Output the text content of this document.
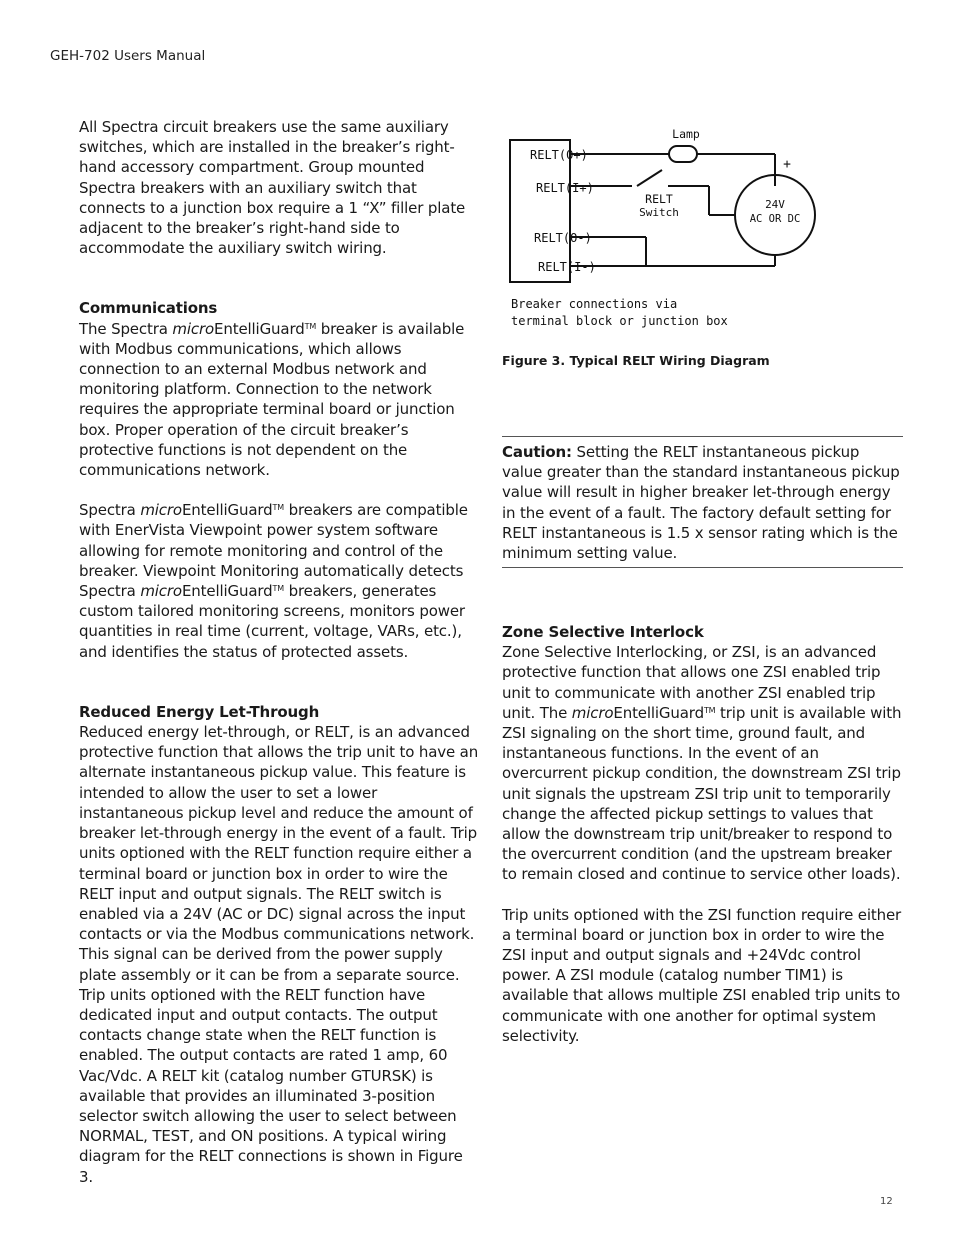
GEH-702 Users Manual

All Spectra circuit breakers use the same auxiliary switches, which are installed in the breaker’s right-hand accessory compartment. Group mounted Spectra breakers with an auxiliary switch that connects to a junction box require a 1 “X” filler plate adjacent to the breaker’s right-hand side to accommodate the auxiliary switch wiring.

Communications

The Spectra microEntelliGuard™ breaker is available with Modbus communications, which allows connection to an external Modbus network and monitoring platform. Connection to the network requires the appropriate terminal board or junction box. Proper operation of the circuit breaker’s protective functions is not dependent on the communications network.

Spectra microEntelliGuard™ breakers are compatible with EnerVista Viewpoint power system software allowing for remote monitoring and control of the breaker. Viewpoint Monitoring automatically detects Spectra microEntelliGuard™ breakers, generates custom tailored monitoring screens, monitors power quantities in real time (current, voltage, VARs, etc.), and identifies the status of protected assets.

Reduced Energy Let-Through

Reduced energy let-through, or RELT, is an advanced protective function that allows the trip unit to have an alternate instantaneous pickup value. This feature is intended to allow the user to set a lower instantaneous pickup level and reduce the amount of breaker let-through energy in the event of a fault. Trip units optioned with the RELT function require either a terminal board or junction box in order to wire the RELT input and output signals. The RELT switch is enabled via a 24V (AC or DC) signal across the input contacts or via the Modbus communications network. This signal can be derived from the power supply plate assembly or it can be from a separate source. Trip units optioned with the RELT function have dedicated input and output contacts. The output contacts change state when the RELT function is enabled. The output contacts are rated 1 amp, 60 Vac/Vdc. A RELT kit (catalog number GTURSK) is available that provides an illuminated 3-position selector switch allowing the user to select between NORMAL, TEST, and ON positions. A typical wiring diagram for the RELT connections is shown in Figure 3.

Lamp
+
RELT(O+)
RELT(I+)
RELT(O-)
RELT(I-)
RELT
Switch
24V
AC OR DC
Breaker connections via
terminal block or junction box
Figure 3. Typical RELT Wiring Diagram

Caution: Setting the RELT instantaneous pickup value greater than the standard instantaneous pickup value will result in higher breaker let-through energy in the event of a fault. The factory default setting for RELT instantaneous is 1.5 x sensor rating which is the minimum setting value.

Zone Selective Interlock

Zone Selective Interlocking, or ZSI, is an advanced protective function that allows one ZSI enabled trip unit to communicate with another ZSI enabled trip unit. The microEntelliGuard™ trip unit is available with ZSI signaling on the short time, ground fault, and instantaneous functions. In the event of an overcurrent pickup condition, the downstream ZSI trip unit signals the upstream ZSI trip unit to temporarily change the affected pickup settings to values that allow the downstream trip unit/breaker to respond to the overcurrent condition (and the upstream breaker to remain closed and continue to service other loads).

Trip units optioned with the ZSI function require either a terminal board or junction box in order to wire the ZSI input and output signals and +24Vdc control power. A ZSI module (catalog number TIM1) is available that allows multiple ZSI enabled trip units to communicate with one another for optimal system selectivity.

12
